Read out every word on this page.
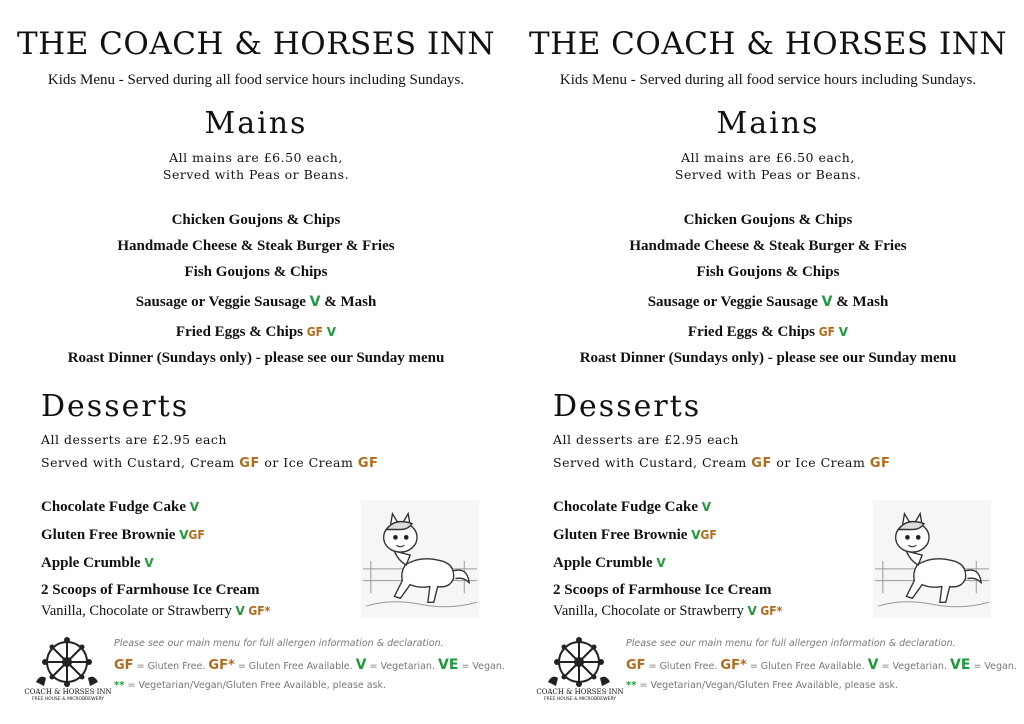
THE COACH & HORSES INN
Kids Menu - Served during all food service hours including Sundays.
Mains
All mains are £6.50 each,
Served with Peas or Beans.
Chicken Goujons & Chips
Handmade Cheese & Steak Burger & Fries
Fish Goujons & Chips
Sausage or Veggie Sausage V & Mash
Fried Eggs & Chips GF V
Roast Dinner (Sundays only) - please see our Sunday menu
Desserts
All desserts are £2.95 each
Served with Custard, Cream GF or Ice Cream GF
Chocolate Fudge Cake V
Gluten Free Brownie VGF
Apple Crumble V
2 Scoops of Farmhouse Ice Cream
Vanilla, Chocolate or Strawberry V GF*
COACH & HORSES INN
FREE HOUSE & MICROBREWERY
Please see our main menu for full allergen information & declaration.
GF = Gluten Free. GF* = Gluten Free Available. V = Vegetarian. VE = Vegan.
** = Vegetarian/Vegan/Gluten Free Available, please ask.
THE COACH & HORSES INN
Kids Menu - Served during all food service hours including Sundays.
Mains
All mains are £6.50 each,
Served with Peas or Beans.
Chicken Goujons & Chips
Handmade Cheese & Steak Burger & Fries
Fish Goujons & Chips
Sausage or Veggie Sausage V & Mash
Fried Eggs & Chips GF V
Roast Dinner (Sundays only) - please see our Sunday menu
Desserts
All desserts are £2.95 each
Served with Custard, Cream GF or Ice Cream GF
Chocolate Fudge Cake V
Gluten Free Brownie VGF
Apple Crumble V
2 Scoops of Farmhouse Ice Cream
Vanilla, Chocolate or Strawberry V GF*
COACH & HORSES INN
FREE HOUSE & MICROBREWERY
Please see our main menu for full allergen information & declaration.
GF = Gluten Free. GF* = Gluten Free Available. V = Vegetarian. VE = Vegan.
** = Vegetarian/Vegan/Gluten Free Available, please ask.
